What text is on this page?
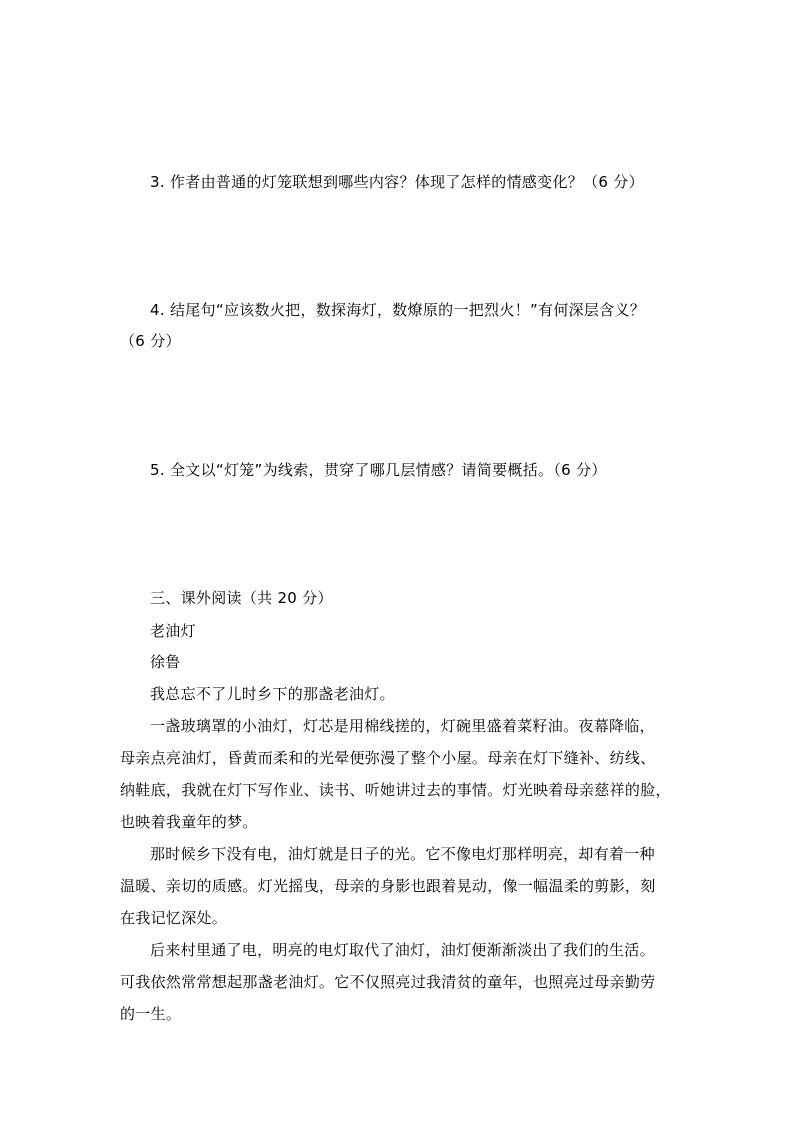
3. 作者由普通的灯笼联想到哪些内容？体现了怎样的情感变化？（6 分）
4. 结尾句“应该数火把，数探海灯，数燎原的一把烈火！”有何深层含义？
（6 分）
5. 全文以“灯笼”为线索，贯穿了哪几层情感？请简要概括。（6 分）
三、课外阅读（共 20 分）
老油灯
徐鲁
我总忘不了儿时乡下的那盏老油灯。
一盏玻璃罩的小油灯，灯芯是用棉线搓的，灯碗里盛着菜籽油。夜幕降临，
母亲点亮油灯，昏黄而柔和的光晕便弥漫了整个小屋。母亲在灯下缝补、纺线、
纳鞋底，我就在灯下写作业、读书、听她讲过去的事情。灯光映着母亲慈祥的脸，
也映着我童年的梦。
那时候乡下没有电，油灯就是日子的光。它不像电灯那样明亮，却有着一种
温暖、亲切的质感。灯光摇曳，母亲的身影也跟着晃动，像一幅温柔的剪影，刻
在我记忆深处。
后来村里通了电，明亮的电灯取代了油灯，油灯便渐渐淡出了我们的生活。
可我依然常常想起那盏老油灯。它不仅照亮过我清贫的童年，也照亮过母亲勤劳
的一生。
